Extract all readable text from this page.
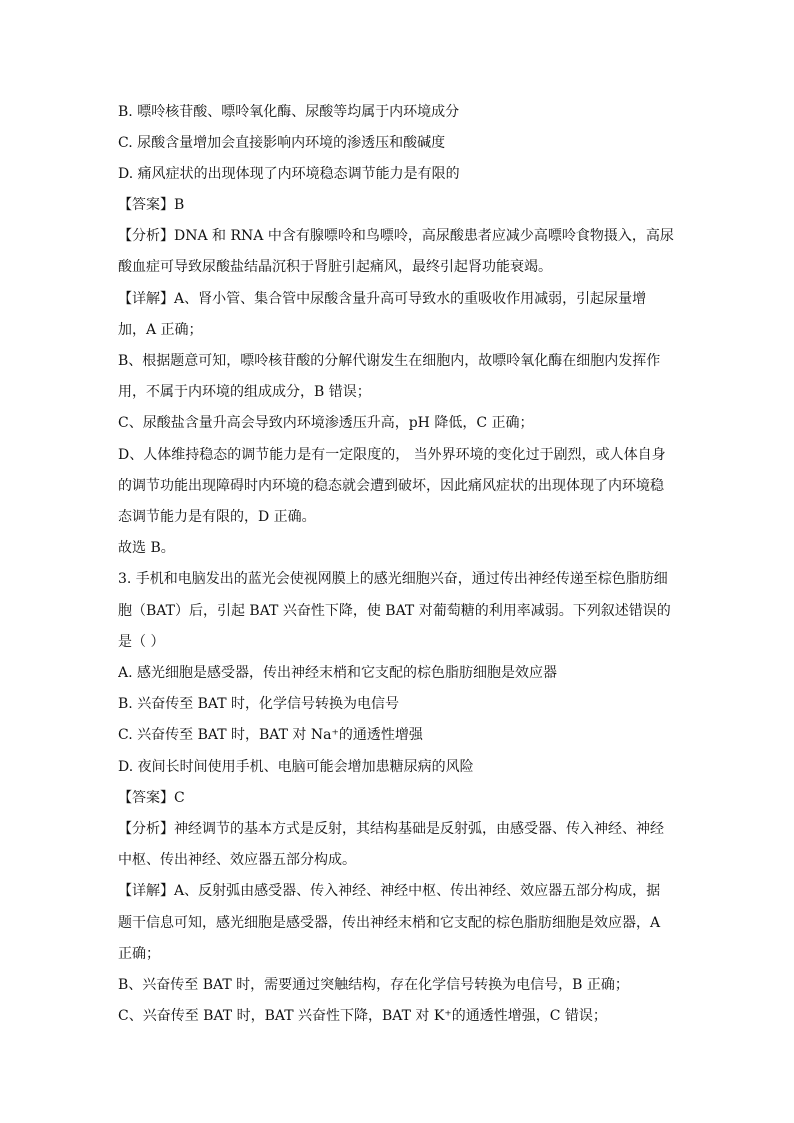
B. 嘌呤核苷酸、嘌呤氧化酶、尿酸等均属于内环境成分
C. 尿酸含量增加会直接影响内环境的渗透压和酸碱度
D. 痛风症状的出现体现了内环境稳态调节能力是有限的
【答案】B
【分析】DNA 和 RNA 中含有腺嘌呤和鸟嘌呤，高尿酸患者应减少高嘌呤食物摄入，高尿
酸血症可导致尿酸盐结晶沉积于肾脏引起痛风，最终引起肾功能衰竭。
【详解】A、肾小管、集合管中尿酸含量升高可导致水的重吸收作用减弱，引起尿量增
加，A 正确；
B、根据题意可知，嘌呤核苷酸的分解代谢发生在细胞内，故嘌呤氧化酶在细胞内发挥作
用，不属于内环境的组成成分，B 错误；
C、尿酸盐含量升高会导致内环境渗透压升高，pH 降低，C 正确；
D、人体维持稳态的调节能力是有一定限度的， 当外界环境的变化过于剧烈，或人体自身
的调节功能出现障碍时内环境的稳态就会遭到破坏，因此痛风症状的出现体现了内环境稳
态调节能力是有限的，D 正确。
故选 B。
3. 手机和电脑发出的蓝光会使视网膜上的感光细胞兴奋，通过传出神经传递至棕色脂肪细
胞（BAT）后，引起 BAT 兴奋性下降，使 BAT 对葡萄糖的利用率减弱。下列叙述错误的
是（ ）
A. 感光细胞是感受器，传出神经末梢和它支配的棕色脂肪细胞是效应器
B. 兴奋传至 BAT 时，化学信号转换为电信号
C. 兴奋传至 BAT 时，BAT 对 Na⁺的通透性增强
D. 夜间长时间使用手机、电脑可能会增加患糖尿病的风险
【答案】C
【分析】神经调节的基本方式是反射，其结构基础是反射弧，由感受器、传入神经、神经
中枢、传出神经、效应器五部分构成。
【详解】A、反射弧由感受器、传入神经、神经中枢、传出神经、效应器五部分构成，据
题干信息可知，感光细胞是感受器，传出神经末梢和它支配的棕色脂肪细胞是效应器，A
正确；
B、兴奋传至 BAT 时，需要通过突触结构，存在化学信号转换为电信号，B 正确；
C、兴奋传至 BAT 时，BAT 兴奋性下降，BAT 对 K⁺的通透性增强，C 错误；
